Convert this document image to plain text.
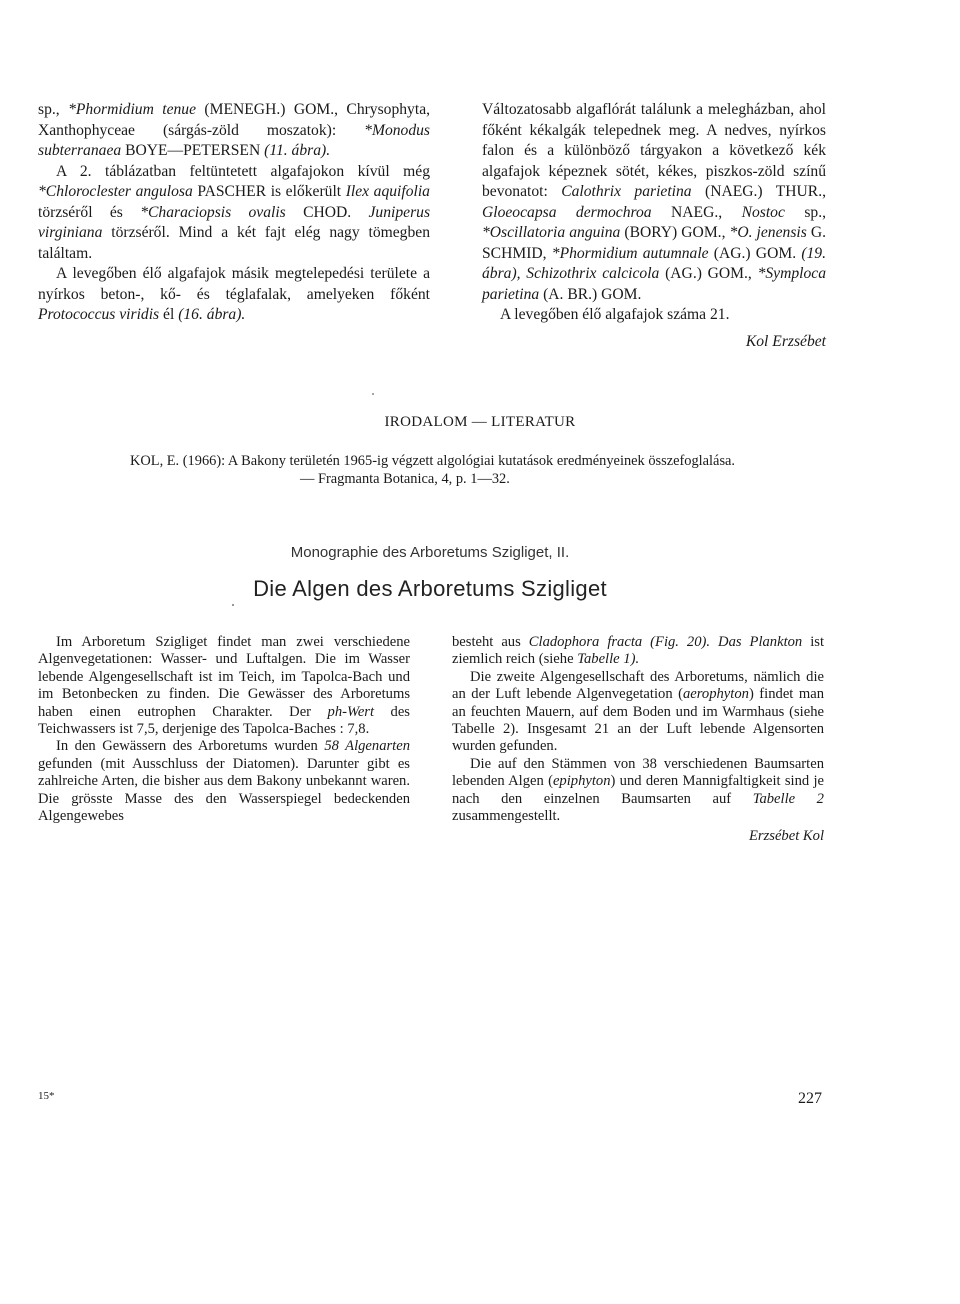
sp., *Phormidium tenue (MENEGH.) GOM., Chrysophyta, Xanthophyceae (sárgás-zöld moszatok): *Monodus subterranaea BOYE—PETERSEN (11. ábra).

A 2. táblázatban feltüntetett algafajokon kívül még *Chloroclester angulosa PASCHER is előkerült Ilex aquifolia törzséről és *Characiopsis ovalis CHOD. Juniperus virginiana törzséről. Mind a két fajt elég nagy tömegben találtam.

A levegőben élő algafajok másik megtelepedési területe a nyírkos beton-, kő- és téglafalak, amelyeken főként Protococcus viridis él (16. ábra).

Változatosabb algaflórát találunk a melegházban, ahol főként kékalgák telepednek meg. A nedves, nyírkos falon és a különböző tárgyakon a következő kék algafajok képeznek sötét, kékes, piszkos-zöld színű bevonatot: Calothrix parietina (NAEG.) THUR., Gloeocapsa dermochroa NAEG., Nostoc sp., *Oscillatoria anguina (BORY) GOM., *O. jenensis G. SCHMID, *Phormidium autumnale (AG.) GOM. (19. ábra), Schizothrix calcicola (AG.) GOM., *Symploca parietina (A. BR.) GOM.

A levegőben élő algafajok száma 21.

Kol Erzsébet

IRODALOM — LITERATUR
KOL, E. (1966): A Bakony területén 1965-ig végzett algológiai kutatások eredményeinek összefoglalása.
— Fragmanta Botanica, 4, p. 1—32.
Monographie des Arboretums Szigliget, II.
Die Algen des Arboretums Szigliget

Im Arboretum Szigliget findet man zwei verschiedene Algenvegetationen: Wasser- und Luftalgen. Die im Wasser lebende Algengesellschaft ist im Teich, im Tapolca-Bach und im Betonbecken zu finden. Die Gewässer des Arboretums haben einen eutrophen Charakter. Der ph-Wert des Teichwassers ist 7,5, derjenige des Tapolca-Baches : 7,8.

In den Gewässern des Arboretums wurden 58 Algenarten gefunden (mit Ausschluss der Diatomen). Darunter gibt es zahlreiche Arten, die bisher aus dem Bakony unbekannt waren. Die grösste Masse des den Wasserspiegel bedeckenden Algengewebes

besteht aus Cladophora fracta (Fig. 20). Das Plankton ist ziemlich reich (siehe Tabelle 1).

Die zweite Algengesellschaft des Arboretums, nämlich die an der Luft lebende Algenvegetation (aerophyton) findet man an feuchten Mauern, auf dem Boden und im Warmhaus (siehe Tabelle 2). Insgesamt 21 an der Luft lebende Algensorten wurden gefunden.

Die auf den Stämmen von 38 verschiedenen Baumsarten lebenden Algen (epiphyton) und deren Mannigfaltigkeit sind je nach den einzelnen Baumsarten auf Tabelle 2 zusammengestellt.

Erzsébet Kol

15*	227
